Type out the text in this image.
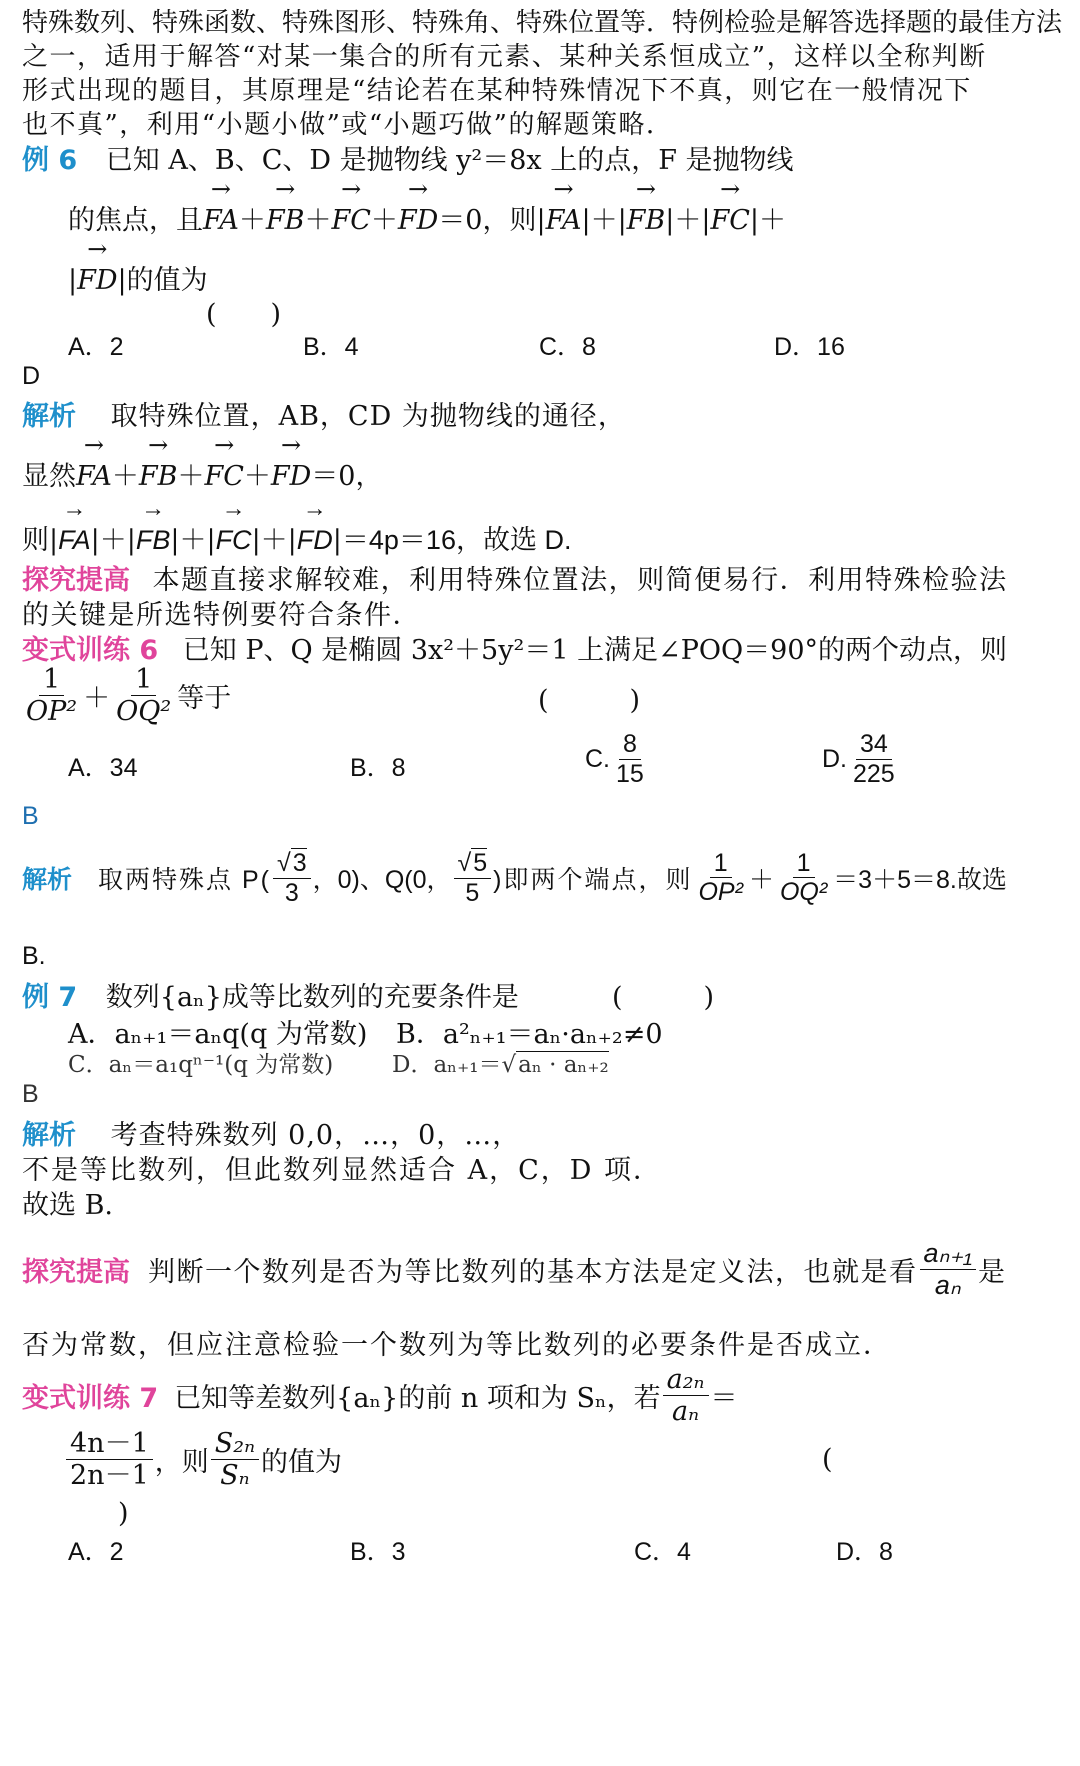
特殊数列、特殊函数、特殊图形、特殊角、特殊位置等．特例检验是解答选择题的最佳方法
之一，适用于解答“对某一集合的所有元素、某种关系恒成立”，这样以全称判断
形式出现的题目，其原理是“结论若在某种特殊情况下不真，则它在一般情况下
也不真”，利用“小题小做”或“小题巧做”的解题策略．
例 6 已知 A、B、C、D 是抛物线 y²＝8x 上的点，F 是抛物线
的焦点，且→ FA＋→ FB＋→ FC＋→ FD＝0，则|→ FA|＋|→ FB|＋|→ FC|＋
|→ FD|的值为
(　　)
A．2	B．4	C．8	D．16
D
解析 取特殊位置，AB，CD 为抛物线的通径，
显然→ FA＋→ FB＋→ FC＋→ FD＝0，
则|→ FA|＋|→ FB|＋|→ FC|＋|→ FD|＝4p＝16，故选 D.
探究提高 本题直接求解较难，利用特殊位置法，则简便易行．利用特殊检验法
的关键是所选特例要符合条件．
变式训练 6 已知 P、Q 是椭圆 3x²＋5y²＝1 上满足∠POQ＝90°的两个动点，则
$\frac{1}{\text{OP²}} + \frac{1}{\text{OQ²}}$ 等于	(　　　)
A．34	B．8	C. $\frac{8}{15}$	D. $\frac{34}{225}$
B
解析 取两特殊点 $P( \frac{√3}{3}$ ，0)、Q(0， $\frac{√5}{5}$ )即两个端点，则 $\frac{1}{\text{OP²}} + \frac{1}{\text{OQ²}} =3+5=8$.故选
B.
例 7 数列{aₙ}成等比数列的充要条件是	(　　　)
A．aₙ₊₁＝aₙq(q 为常数) B．a²ₙ₊₁＝aₙ·aₙ₊₂≠0
C．aₙ＝a₁qⁿ⁻¹(q 为常数)	D．aₙ₊₁＝√aₙ · aₙ₊₂
B
解析 考查特殊数列 0,0，…，0，…，
不是等比数列，但此数列显然适合 A，C，D 项．
故选 B.
探究提高 判断一个数列是否为等比数列的基本方法是定义法，也就是看 $\frac{\text{aₙ₊₁}}{\text{aₙ}}$ 是
否为常数，但应注意检验一个数列为等比数列的必要条件是否成立．
变式训练 7 已知等差数列{aₙ}的前 n 项和为 Sₙ，若 $\frac{\text{a₂ₙ}}{\text{aₙ}}$ ＝
$\frac{4n-1}{2n-1}$ ，则 $\frac{\text{S₂ₙ}}{\text{Sₙ}}$ 的值为	(
)
A．2	B．3	C．4	D．8
